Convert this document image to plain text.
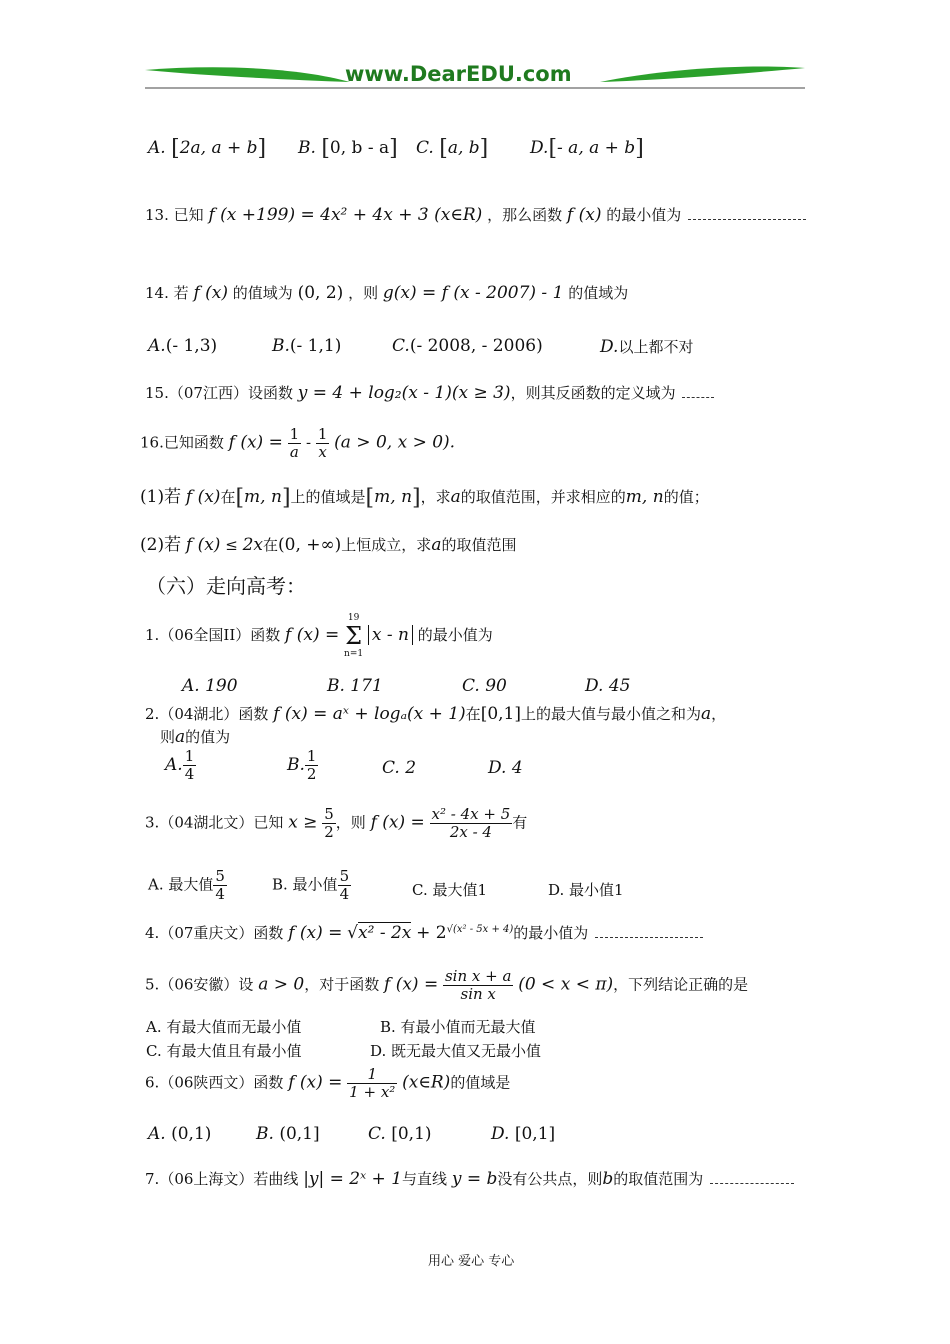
www.DearEDU.com
A. [2a, a + b] B. [0, b - a] C. [a, b] D.[- a, a + b]
13. 已知 f (x +199) = 4x² + 4x + 3 (x∈R) ，那么函数 f (x) 的最小值为
14. 若 f (x) 的值域为 (0, 2) ，则 g(x) = f (x - 2007) - 1 的值域为
A.(- 1,3)	B.(- 1,1)	C.(- 2008, - 2006)	D.以上都不对
15.（07江西）设函数 y = 4 + log₂(x - 1)(x ≥ 3)，则其反函数的定义域为
16.已知函数 f $(x) = \frac{1}{a} - \frac{1}{x} (a > 0$, x > 0).
(1)若 f (x)在[m, n]上的值域是[m, n]，求a的取值范围，并求相应的m, n的值；
(2)若 f (x) ≤ 2x在(0, +∞)上恒成立，求a的取值范围
（六）走向高考：
1.（06全国II）函数 f (x) =
19
Σ
n=1
x - n 的最小值为
A. 190	B. 171	C. 90	D. 45
2.（04湖北）函数 f (x) = aˣ + logₐ(x + 1)在[0,1]上的最大值与最小值之和为a，
则a的值为
A. $\frac{1}{4}$	B. $\frac{1}{2}$	C. 2	D. 4
3.（04湖北文）已知 $x \ge \frac{5}{2}$ ，则 f $(x) = \frac{\text{x² - 4x + 5}}{2x - 4}$ 有
A. 最大值 $\frac{5}{4}$	B. 最小值 $\frac{5}{4}$	C. 最大值1	D. 最小值1
4.（07重庆文）函数 f $(x) = √x^2 - 2x + 2^{√(x^2 - 5x + 4)}$的最小值为
5.（06安徽）设 a > 0，对于函数 f $(x) = \frac{\text{sin x + a}}{\text{sin x}} (0 < x < \pi)$，下列结论正确的是
A. 有最大值而无最小值	B. 有最小值而无最大值
C. 有最大值且有最小值	D. 既无最大值又无最小值
6.（06陕西文）函数 f $(x) = \frac{1}{\text{1 + x²}}$ (x∈R)的值域是
A. (0,1)	B. (0,1]	C. [0,1)	D. [0,1]
7.（06上海文）若曲线 |y| = 2ˣ + 1与直线 y = b没有公共点，则b的取值范围为
用心 爱心 专心
